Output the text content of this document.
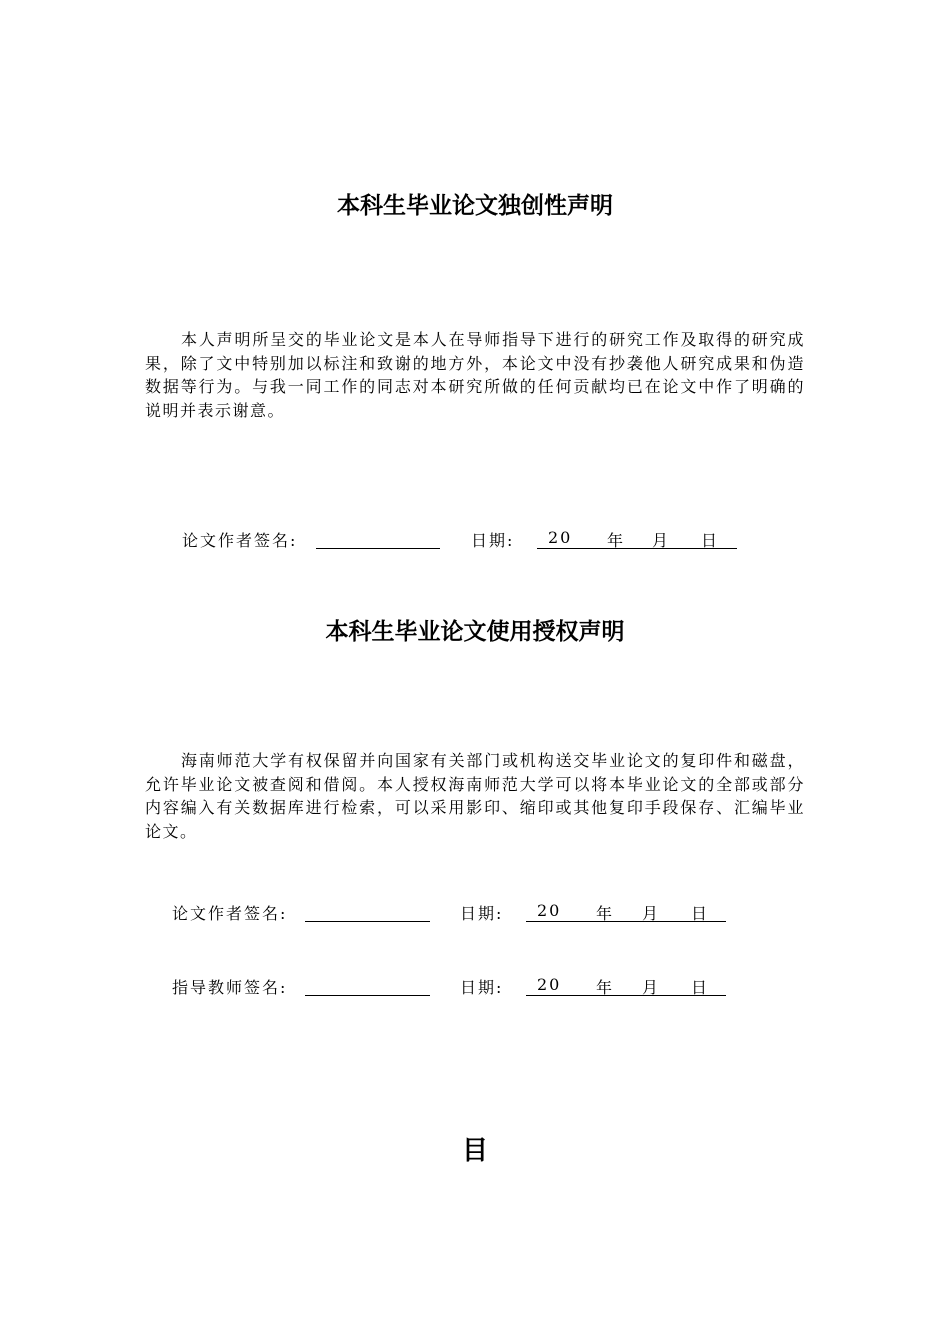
本科生毕业论文独创性声明
本人声明所呈交的毕业论文是本人在导师指导下进行的研究工作及取得的研究成果，除了文中特别加以标注和致谢的地方外，本论文中没有抄袭他人研究成果和伪造数据等行为。与我一同工作的同志对本研究所做的任何贡献均已在论文中作了明确的说明并表示谢意。
论文作者签名:	日期: 20 年 月 日
本科生毕业论文使用授权声明
海南师范大学有权保留并向国家有关部门或机构送交毕业论文的复印件和磁盘，允许毕业论文被查阅和借阅。本人授权海南师范大学可以将本毕业论文的全部或部分内容编入有关数据库进行检索，可以采用影印、缩印或其他复印手段保存、汇编毕业论文。
论文作者签名:	日期: 20 年 月 日
指导教师签名:	日期: 20 年 月 日
目
